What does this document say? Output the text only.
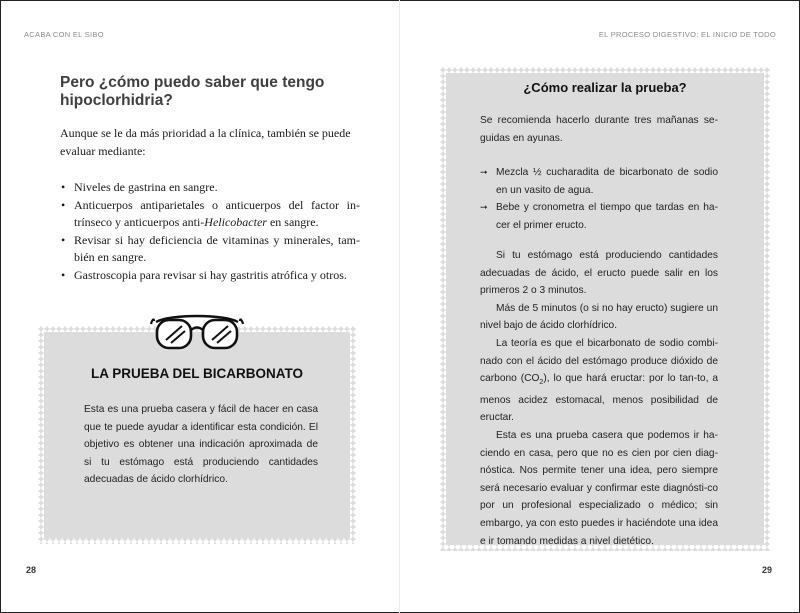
ACABA CON EL SIBO	EL PROCESO DIGESTIVO: EL INICIO DE TODO
Pero ¿cómo puedo saber que tengo
hipoclorhidria?
Aunque se le da más prioridad a la clínica, también se puede evaluar mediante:
• Niveles de gastrina en sangre.
• Anticuerpos antiparietales o anticuerpos del factor in-trínseco y anticuerpos anti-Helicobacter en sangre.
• Revisar si hay deficiencia de vitaminas y minerales, tam-bién en sangre.
• Gastroscopia para revisar si hay gastritis atrófica y otros.
LA PRUEBA DEL BICARBONATO
Esta es una prueba casera y fácil de hacer en casa que te puede ayudar a identificar esta condición. El objetivo es obtener una indicación aproximada de si tu estómago está produciendo cantidades adecuadas de ácido clorhídrico.
28
¿Cómo realizar la prueba?

Se recomienda hacerlo durante tres mañanas se-guidas en ayunas.

➞ Mezcla ½ cucharadita de bicarbonato de sodio en un vasito de agua.
➞ Bebe y cronometra el tiempo que tardas en ha-cer el primer eructo.

Si tu estómago está produciendo cantidades adecuadas de ácido, el eructo puede salir en los primeros 2 o 3 minutos.

Más de 5 minutos (o si no hay eructo) sugiere un nivel bajo de ácido clorhídrico.

La teoría es que el bicarbonato de sodio combi-nado con el ácido del estómago produce dióxido de carbono $(CO_2)$, lo que hará eructar: por lo tan-to, a menos acidez estomacal, menos posibilidad de eructar.

Esta es una prueba casera que podemos ir ha-ciendo en casa, pero que no es cien por cien diag-nóstica. Nos permite tener una idea, pero siempre será necesario evaluar y confirmar este diagnósti-co por un profesional especializado o médico; sin embargo, ya con esto puedes ir haciéndote una idea e ir tomando medidas a nivel dietético.

29
